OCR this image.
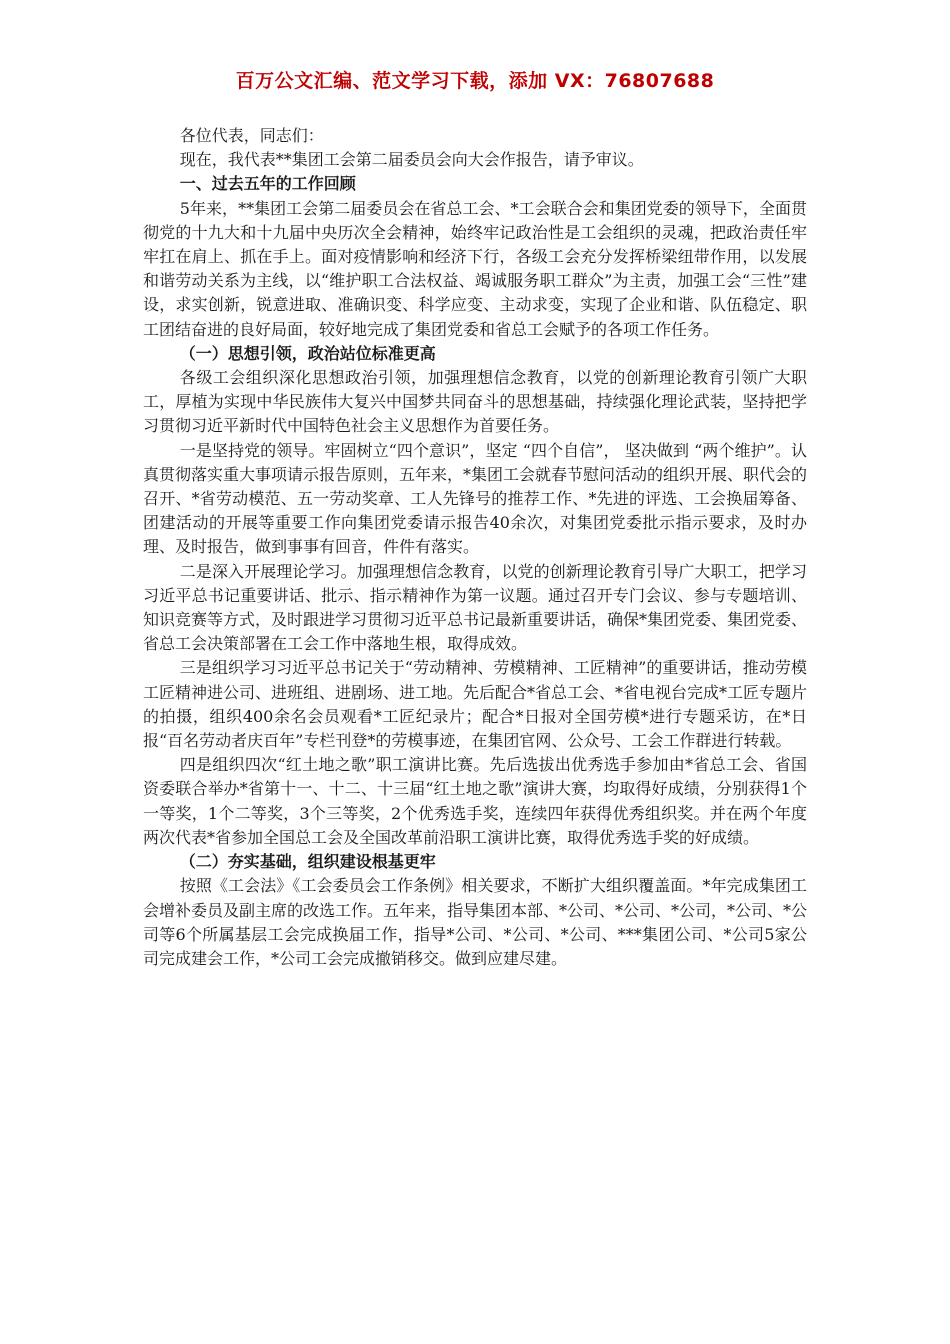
百万公文汇编、范文学习下载，添加 VX：76807688

各位代表，同志们：

现在，我代表**集团工会第二届委员会向大会作报告，请予审议。

一、过去五年的工作回顾

5年来，**集团工会第二届委员会在省总工会、*工会联合会和集团党委的领导下，全面贯彻党的十九大和十九届中央历次全会精神，始终牢记政治性是工会组织的灵魂，把政治责任牢牢扛在肩上、抓在手上。面对疫情影响和经济下行，各级工会充分发挥桥梁纽带作用，以发展和谐劳动关系为主线，以“维护职工合法权益、竭诚服务职工群众”为主责，加强工会“三性”建设，求实创新，锐意进取、准确识变、科学应变、主动求变，实现了企业和谐、队伍稳定、职工团结奋进的良好局面，较好地完成了集团党委和省总工会赋予的各项工作任务。

（一）思想引领，政治站位标准更高

各级工会组织深化思想政治引领，加强理想信念教育，以党的创新理论教育引领广大职工，厚植为实现中华民族伟大复兴中国梦共同奋斗的思想基础，持续强化理论武装，坚持把学习贯彻习近平新时代中国特色社会主义思想作为首要任务。

一是坚持党的领导。牢固树立“四个意识”，坚定 “四个自信”， 坚决做到 “两个维护”。认真贯彻落实重大事项请示报告原则，五年来，*集团工会就春节慰问活动的组织开展、职代会的召开、*省劳动模范、五一劳动奖章、工人先锋号的推荐工作、*先进的评选、工会换届筹备、团建活动的开展等重要工作向集团党委请示报告40余次，对集团党委批示指示要求，及时办理、及时报告，做到事事有回音，件件有落实。

二是深入开展理论学习。加强理想信念教育，以党的创新理论教育引导广大职工，把学习习近平总书记重要讲话、批示、指示精神作为第一议题。通过召开专门会议、参与专题培训、知识竞赛等方式，及时跟进学习贯彻习近平总书记最新重要讲话，确保*集团党委、集团党委、省总工会决策部署在工会工作中落地生根，取得成效。

三是组织学习习近平总书记关于“劳动精神、劳模精神、工匠精神”的重要讲话，推动劳模工匠精神进公司、进班组、进剧场、进工地。先后配合*省总工会、*省电视台完成*工匠专题片的拍摄，组织400余名会员观看*工匠纪录片；配合*日报对全国劳模*进行专题采访，在*日报“百名劳动者庆百年”专栏刊登*的劳模事迹，在集团官网、公众号、工会工作群进行转载。

四是组织四次“红土地之歌”职工演讲比赛。先后选拔出优秀选手参加由*省总工会、省国资委联合举办*省第十一、十二、十三届“红土地之歌”演讲大赛，均取得好成绩，分别获得1个一等奖，1个二等奖，3个三等奖，2个优秀选手奖，连续四年获得优秀组织奖。并在两个年度两次代表*省参加全国总工会及全国改革前沿职工演讲比赛，取得优秀选手奖的好成绩。

（二）夯实基础，组织建设根基更牢

按照《工会法》《工会委员会工作条例》相关要求，不断扩大组织覆盖面。*年完成集团工会增补委员及副主席的改选工作。五年来，指导集团本部、*公司、*公司、*公司，*公司、*公司等6个所属基层工会完成换届工作，指导*公司、*公司、*公司、***集团公司、*公司5家公司完成建会工作，*公司工会完成撤销移交。做到应建尽建。
